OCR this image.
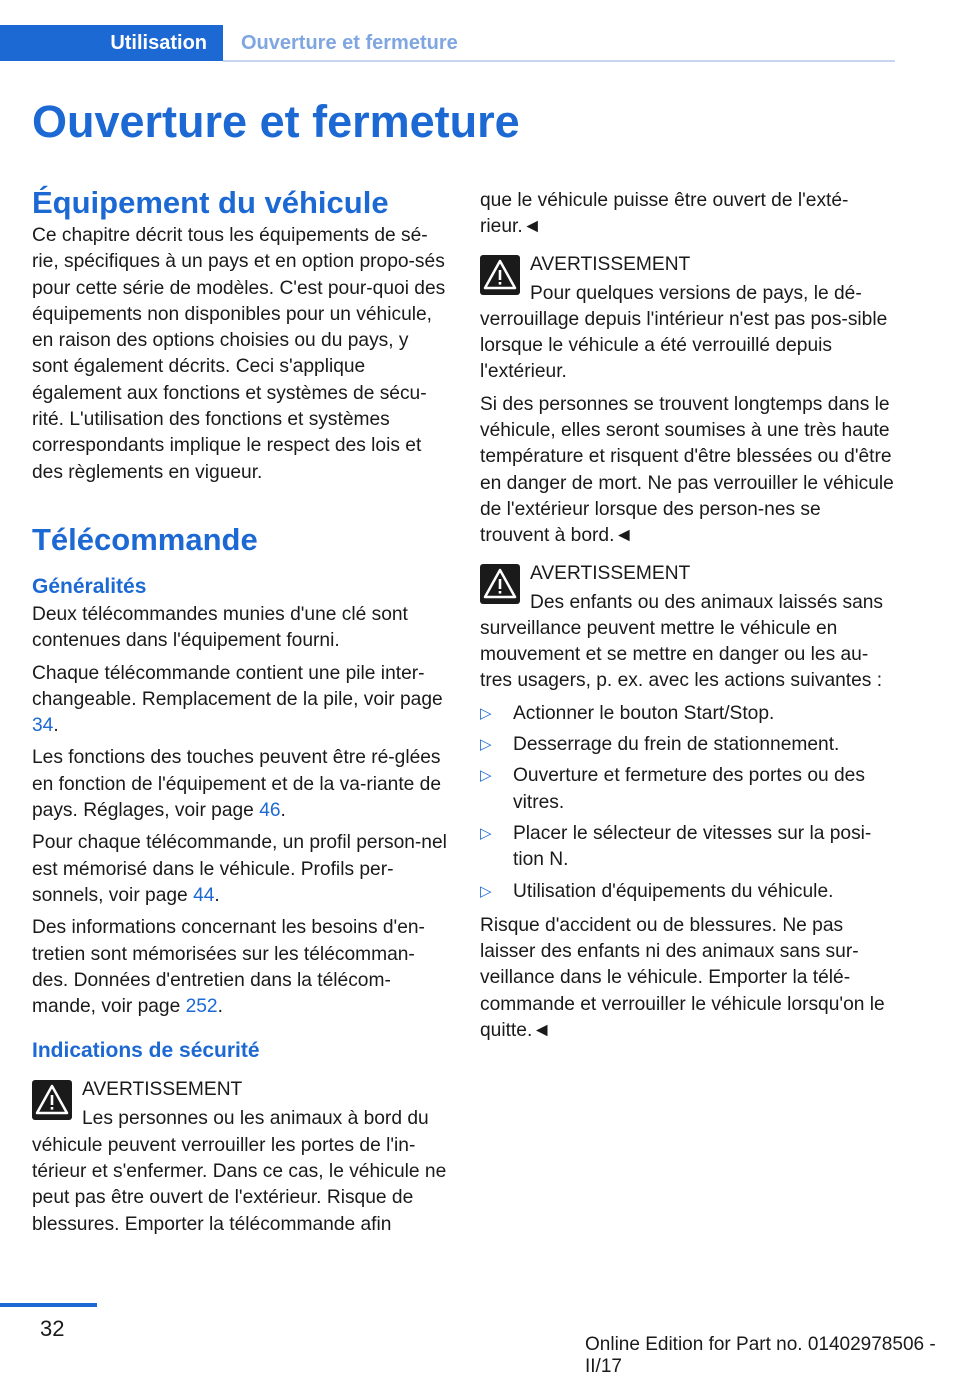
Utilisation	Ouverture et fermeture
Ouverture et fermeture
Équipement du véhicule

Ce chapitre décrit tous les équipements de sé‐rie, spécifiques à un pays et en option propo‐sés pour cette série de modèles. C'est pour‐quoi des équipements non disponibles pour un véhicule, en raison des options choisies ou du pays, y sont également décrits. Ceci s'applique également aux fonctions et systèmes de sécu‐rité. L'utilisation des fonctions et systèmes correspondants implique le respect des lois et des règlements en vigueur.

Télécommande
Généralités

Deux télécommandes munies d'une clé sont contenues dans l'équipement fourni.

Chaque télécommande contient une pile inter‐changeable. Remplacement de la pile, voir page 34.

Les fonctions des touches peuvent être ré‐glées en fonction de l'équipement et de la va‐riante de pays. Réglages, voir page 46.

Pour chaque télécommande, un profil person‐nel est mémorisé dans le véhicule. Profils per‐sonnels, voir page 44.

Des informations concernant les besoins d'en‐tretien sont mémorisées sur les télécomman‐des. Données d'entretien dans la télécom‐mande, voir page 252.

Indications de sécurité
AVERTISSEMENT
Les personnes ou les animaux à bord du
véhicule peuvent verrouiller les portes de l'in‐térieur et s'enfermer. Dans ce cas, le véhicule ne peut pas être ouvert de l'extérieur. Risque de blessures. Emporter la télécommande afin

que le véhicule puisse être ouvert de l'exté‐rieur.◄

AVERTISSEMENT
Pour quelques versions de pays, le dé‐
verrouillage depuis l'intérieur n'est pas pos‐sible lorsque le véhicule a été verrouillé depuis l'extérieur.

Si des personnes se trouvent longtemps dans le véhicule, elles seront soumises à une très haute température et risquent d'être blessées ou d'être en danger de mort. Ne pas verrouiller le véhicule de l'extérieur lorsque des person‐nes se trouvent à bord.◄

AVERTISSEMENT
Des enfants ou des animaux laissés sans
surveillance peuvent mettre le véhicule en mouvement et se mettre en danger ou les au‐tres usagers, p. ex. avec les actions suivantes :
▷ Actionner le bouton Start/Stop.
▷ Desserrage du frein de stationnement.
▷ Ouverture et fermeture des portes ou des vitres.
▷ Placer le sélecteur de vitesses sur la posi‐tion N.
▷ Utilisation d'équipements du véhicule.

Risque d'accident ou de blessures. Ne pas laisser des enfants ni des animaux sans sur‐veillance dans le véhicule. Emporter la télé‐commande et verrouiller le véhicule lorsqu'on le quitte.◄

32
Online Edition for Part no. 01402978506 - II/17
